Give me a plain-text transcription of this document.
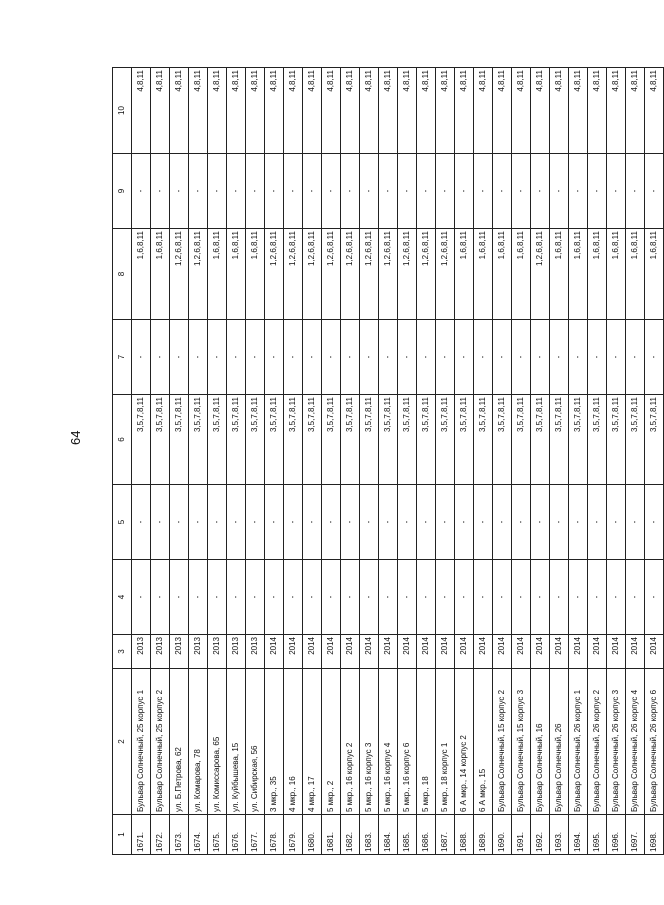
64
1	2	3	4	5	6	7	8	9	10
1671.	Бульвар Солнечный, 25 корпус 1	2013	-	-	3,5,7,8,11	-	1,6,8,11	-	4,8,11
1672.	Бульвар Солнечный, 25 корпус 2	2013	-	-	3,5,7,8,11	-	1,6,8,11	-	4,8,11
1673.	ул. Б.Петрова, 62	2013	-	-	3,5,7,8,11	-	1,2,6,8,11	-	4,8,11
1674.	ул. Комарова, 78	2013	-	-	3,5,7,8,11	-	1,2,6,8,11	-	4,8,11
1675.	ул. Комиссарова, 65	2013	-	-	3,5,7,8,11	-	1,6,8,11	-	4,8,11
1676.	ул. Куйбышева, 15	2013	-	-	3,5,7,8,11	-	1,6,8,11	-	4,8,11
1677.	ул. Сибирская, 56	2013	-	-	3,5,7,8,11	-	1,6,8,11	-	4,8,11
1678.	3 мкр., 35	2014	-	-	3,5,7,8,11	-	1,2,6,8,11	-	4,8,11
1679.	4 мкр., 16	2014	-	-	3,5,7,8,11	-	1,2,6,8,11	-	4,8,11
1680.	4 мкр., 17	2014	-	-	3,5,7,8,11	-	1,2,6,8,11	-	4,8,11
1681.	5 мкр., 2	2014	-	-	3,5,7,8,11	-	1,2,6,8,11	-	4,8,11
1682.	5 мкр., 16 корпус 2	2014	-	-	3,5,7,8,11	-	1,2,6,8,11	-	4,8,11
1683.	5 мкр., 16 корпус 3	2014	-	-	3,5,7,8,11	-	1,2,6,8,11	-	4,8,11
1684.	5 мкр., 16 корпус 4	2014	-	-	3,5,7,8,11	-	1,2,6,8,11	-	4,8,11
1685.	5 мкр., 16 корпус 6	2014	-	-	3,5,7,8,11	-	1,2,6,8,11	-	4,8,11
1686.	5 мкр., 18	2014	-	-	3,5,7,8,11	-	1,2,6,8,11	-	4,8,11
1687.	5 мкр., 18 корпус 1	2014	-	-	3,5,7,8,11	-	1,2,6,8,11	-	4,8,11
1688.	6 А мкр., 14 корпус 2	2014	-	-	3,5,7,8,11	-	1,6,8,11	-	4,8,11
1689.	6 А мкр., 15	2014	-	-	3,5,7,8,11	-	1,6,8,11	-	4,8,11
1690.	Бульвар Солнечный, 15 корпус 2	2014	-	-	3,5,7,8,11	-	1,6,8,11	-	4,8,11
1691.	Бульвар Солнечный, 15 корпус 3	2014	-	-	3,5,7,8,11	-	1,6,8,11	-	4,8,11
1692.	Бульвар Солнечный, 16	2014	-	-	3,5,7,8,11	-	1,2,6,8,11	-	4,8,11
1693.	Бульвар Солнечный, 26	2014	-	-	3,5,7,8,11	-	1,6,8,11	-	4,8,11
1694.	Бульвар Солнечный, 26 корпус 1	2014	-	-	3,5,7,8,11	-	1,6,8,11	-	4,8,11
1695.	Бульвар Солнечный, 26 корпус 2	2014	-	-	3,5,7,8,11	-	1,6,8,11	-	4,8,11
1696.	Бульвар Солнечный, 26 корпус 3	2014	-	-	3,5,7,8,11	-	1,6,8,11	-	4,8,11
1697.	Бульвар Солнечный, 26 корпус 4	2014	-	-	3,5,7,8,11	-	1,6,8,11	-	4,8,11
1698.	Бульвар Солнечный, 26 корпус 6	2014	-	-	3,5,7,8,11	-	1,6,8,11	-	4,8,11
